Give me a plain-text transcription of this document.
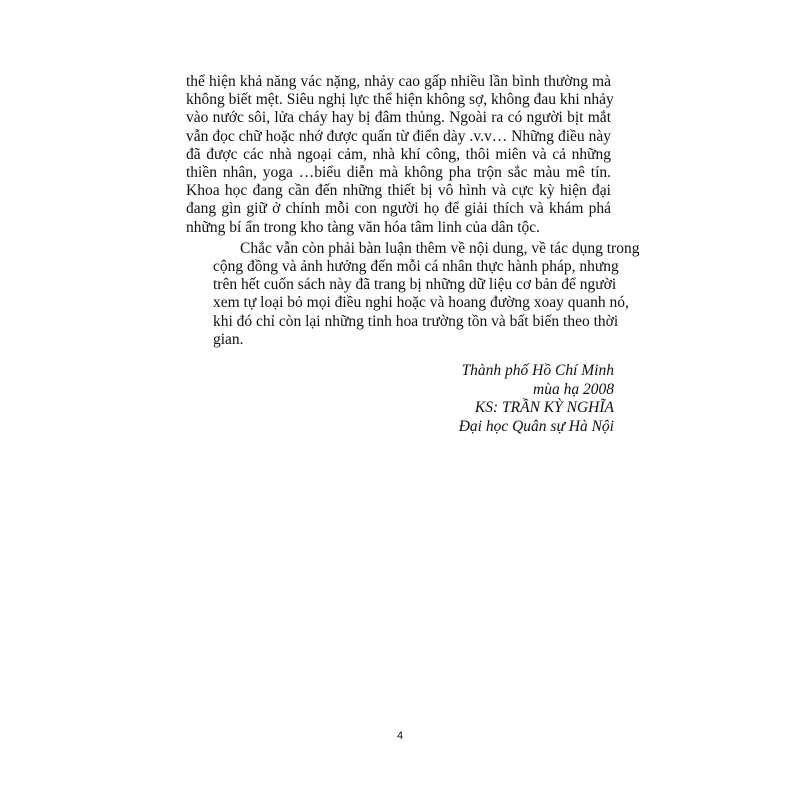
thể hiện khả năng vác nặng, nhảy cao gấp nhiều lần bình thường mà
không biết mệt. Siêu nghị lực thể hiện không sợ, không đau khi nhảy
vào nước sôi, lửa cháy hay bị đâm thủng. Ngoài ra có người bịt mắt
vẫn đọc chữ hoặc nhớ được quấn từ điển dày .v.v… Những điều này
đã được các nhà ngoại cảm, nhà khí công, thôi miên và cả những
thiền nhân, yoga …biểu diễn mà không pha trộn sắc màu mê tín.
Khoa học đang cần đến những thiết bị vô hình và cực kỳ hiện đại
đang gìn giữ ở chính mỗi con người họ để giải thích và khám phá
những bí ẩn trong kho tàng văn hóa tâm linh của dân tộc.
Chắc vẫn còn phải bàn luận thêm về nội dung, về tác dụng trong
cộng đồng và ảnh hưởng đến mỗi cá nhân thực hành pháp, nhưng
trên hết cuốn sách này đã trang bị những dữ liệu cơ bản để người
xem tự loại bỏ mọi điều nghi hoặc và hoang đường xoay quanh nó,
khi đó chỉ còn lại những tinh hoa trường tồn và bất biến theo thời
gian.
Thành phố Hồ Chí Minh
mùa hạ 2008
KS: TRẦN KỲ NGHĨA
Đại học Quân sự Hà Nội
4
